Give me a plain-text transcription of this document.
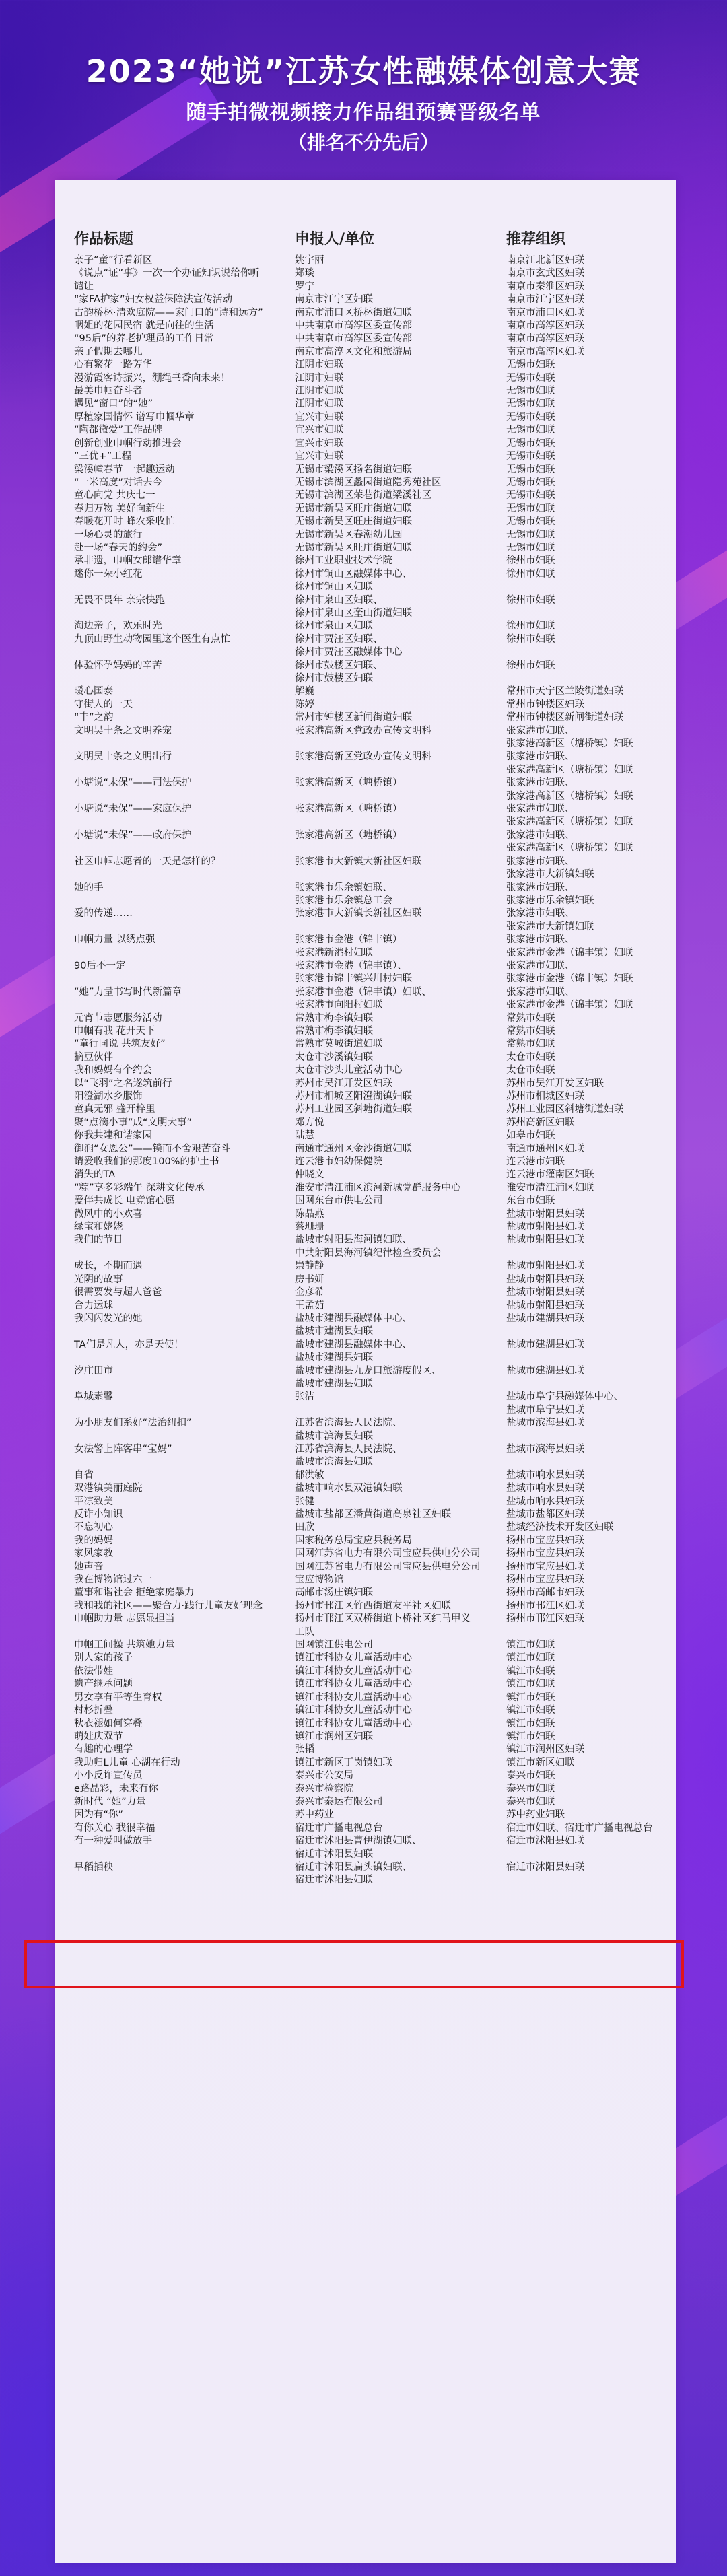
2023“她说”江苏女性融媒体创意大赛
随手拍微视频接力作品组预赛晋级名单
（排名不分先后）
作品标题	申报人/单位	推荐组织
亲子“童”行看新区	姚宇丽	南京江北新区妇联
《说点“证”事》一次一个办证知识说给你听	郑琰	南京市玄武区妇联
谴让	罗宁	南京市秦淮区妇联
“家FA护家”妇女权益保障法宣传活动	南京市江宁区妇联	南京市江宁区妇联
古韵桥林·清欢庭院——家门口的“诗和远方”	南京市浦口区桥林街道妇联	南京市浦口区妇联
咽姐的花园民宿 就是向往的生活	中共南京市高淳区委宣传部	南京市高淳区妇联
“95后”的养老护理员的工作日常	中共南京市高淳区委宣传部	南京市高淳区妇联
亲子假期去哪儿	南京市高淳区文化和旅游局	南京市高淳区妇联
心有繁花一路芳华	江阴市妇联	无锡市妇联
漫游霞客诗振兴，绷绳书香向未来！	江阴市妇联	无锡市妇联
最美巾帼奋斗者	江阴市妇联	无锡市妇联
遇见“窗口”的“她”	江阴市妇联	无锡市妇联
厚植家国情怀 谱写巾帼华章	宜兴市妇联	无锡市妇联
“陶都微爱”工作品牌	宜兴市妇联	无锡市妇联
创新创业巾帼行动推进会	宜兴市妇联	无锡市妇联
“三优+”工程	宜兴市妇联	无锡市妇联
梁溪幢春节 一起趣运动	无锡市梁溪区扬名街道妇联	无锡市妇联
“一米高度”对话去今	无锡市滨湖区蠡园街道隐秀苑社区	无锡市妇联
童心向党 共庆七一	无锡市滨湖区荣巷街道梁溪社区	无锡市妇联
春归万物 美好向新生	无锡市新吴区旺庄街道妇联	无锡市妇联
春暖花开时 蜂农采收忙	无锡市新吴区旺庄街道妇联	无锡市妇联
一场心灵的旅行	无锡市新吴区春潮幼儿园	无锡市妇联
赴一场“春天的约会”	无锡市新吴区旺庄街道妇联	无锡市妇联
承非遗，巾帼女郎谱华章	徐州工业职业技术学院	徐州市妇联
迷你一朵小红花	徐州市铜山区融媒体中心、	徐州市妇联
徐州市铜山区妇联
无畏不畏年 亲宗快跑	徐州市泉山区妇联、	徐州市妇联
徐州市泉山区奎山街道妇联
淘边亲子，欢乐时光	徐州市泉山区妇联	徐州市妇联
九顶山野生动物园里这个医生有点忙	徐州市贾汪区妇联、	徐州市妇联
徐州市贾汪区融媒体中心
体验怀孕妈妈的辛苦	徐州市鼓楼区妇联、	徐州市妇联
徐州市鼓楼区妇联
暖心国泰	解巍	常州市天宁区兰陵街道妇联
守街人的一天	陈婷	常州市钟楼区妇联
“丰”之韵	常州市钟楼区新闸街道妇联	常州市钟楼区新闸街道妇联
文明吴十条之文明养宠	张家港高新区党政办宣传文明科	张家港市妇联、
张家港高新区（塘桥镇）妇联
文明吴十条之文明出行	张家港高新区党政办宣传文明科	张家港市妇联、
张家港高新区（塘桥镇）妇联
小塘说“未保”——司法保护	张家港高新区（塘桥镇）	张家港市妇联、
张家港高新区（塘桥镇）妇联
小塘说“未保”——家庭保护	张家港高新区（塘桥镇）	张家港市妇联、
张家港高新区（塘桥镇）妇联
小塘说“未保”——政府保护	张家港高新区（塘桥镇）	张家港市妇联、
张家港高新区（塘桥镇）妇联
社区巾帼志愿者的一天是怎样的？	张家港市大新镇大新社区妇联	张家港市妇联、
张家港市大新镇妇联
她的手	张家港市乐余镇妇联、	张家港市妇联、
张家港市乐余镇总工会	张家港市乐余镇妇联
爱的传递……	张家港市大新镇长新社区妇联	张家港市妇联、
张家港市大新镇妇联
巾帼力量 以绣点强	张家港市金港（锦丰镇）	张家港市妇联、
张家港新港村妇联	张家港市金港（锦丰镇）妇联
90后不一定	张家港市金港（锦丰镇）、	张家港市妇联、
张家港市锦丰镇兴川村妇联	张家港市金港（锦丰镇）妇联
“她”力量书写时代新篇章	张家港市金港（锦丰镇）妇联、	张家港市妇联、
张家港市向阳村妇联	张家港市金港（锦丰镇）妇联
元宵节志愿服务活动	常熟市梅李镇妇联	常熟市妇联
巾帼有我 花开天下	常熟市梅李镇妇联	常熟市妇联
“童行同说 共筑友好”	常熟市莫城街道妇联	常熟市妇联
摘豆伙伴	太仓市沙溪镇妇联	太仓市妇联
我和妈妈有个约会	太仓市沙头儿童活动中心	太仓市妇联
以“飞羽”之名遂筑前行	苏州市吴江开发区妇联	苏州市吴江开发区妇联
阳澄湖水乡服饰	苏州市相城区阳澄湖镇妇联	苏州市相城区妇联
童真无邪 盛开梓里	苏州工业园区斜塘街道妇联	苏州工业园区斜塘街道妇联
聚“点滴小事”成“文明大事”	邓方悦	苏州高新区妇联
你我共建和谐家园	陆慧	如皋市妇联
御润“女恩公”——锁而不舍艰苦奋斗	南通市通州区金沙街道妇联	南通市通州区妇联
请爱收我们的那度100%的护土书	连云港市妇幼保健院	连云港市妇联
消失的TA	仲晓文	连云港市灌南区妇联
“粽”享多彩端午 深耕文化传承	淮安市清江浦区滨河新城党群服务中心	淮安市清江浦区妇联
爱伴共成长 电竞馆心愿	国网东台市供电公司	东台市妇联
微风中的小欢喜	陈晶燕	盐城市射阳县妇联
绿宝和姥姥	蔡珊珊	盐城市射阳县妇联
我们的节日	盐城市射阳县海河镇妇联、	盐城市射阳县妇联
中共射阳县海河镇纪律检查委员会
成长，不期而遇	崇静静	盐城市射阳县妇联
光阴的故事	房书妍	盐城市射阳县妇联
很需要发与超人爸爸	金彦希	盐城市射阳县妇联
合力运球	王孟茹	盐城市射阳县妇联
我闪闪发光的她	盐城市建湖县融媒体中心、	盐城市建湖县妇联
盐城市建湖县妇联
TA们是凡人，亦是天使！	盐城市建湖县融媒体中心、	盐城市建湖县妇联
盐城市建湖县妇联
汐庄田市	盐城市建湖县九龙口旅游度假区、	盐城市建湖县妇联
盐城市建湖县妇联
阜城素馨	张洁	盐城市阜宁县融媒体中心、
盐城市阜宁县妇联
为小朋友们系好“法治纽扣”	江苏省滨海县人民法院、	盐城市滨海县妇联
盐城市滨海县妇联
女法警上阵客串“宝妈”	江苏省滨海县人民法院、	盐城市滨海县妇联
盐城市滨海县妇联
自省	郁洪敏	盐城市响水县妇联
双港镇美丽庭院	盐城市响水县双港镇妇联	盐城市响水县妇联
平凉致美	张健	盐城市响水县妇联
反诈小知识	盐城市盐都区潘黄街道高泉社区妇联	盐城市盐都区妇联
不忘初心	田欣	盐城经济技术开发区妇联
我的妈妈	国家税务总局宝应县税务局	扬州市宝应县妇联
家风家教	国网江苏省电力有限公司宝应县供电分公司	扬州市宝应县妇联
她声音	国网江苏省电力有限公司宝应县供电分公司	扬州市宝应县妇联
我在博物馆过六一	宝应博物馆	扬州市宝应县妇联
董事和谐社会 拒绝家庭暴力	高邮市汤庄镇妇联	扬州市高邮市妇联
我和我的社区——聚合力·践行儿童友好理念	扬州市邗江区竹西街道友平社区妇联	扬州市邗江区妇联
巾帼助力量 志愿显担当	扬州市邗江区双桥街道卜桥社区红马甲义	扬州市邗江区妇联
工队
巾帼工间操 共筑她力量	国网镇江供电公司	镇江市妇联
别人家的孩子	镇江市科协女儿童活动中心	镇江市妇联
依法带娃	镇江市科协女儿童活动中心	镇江市妇联
遗产继承问题	镇江市科协女儿童活动中心	镇江市妇联
男女享有平等生育权	镇江市科协女儿童活动中心	镇江市妇联
村杉折叠	镇江市科协女儿童活动中心	镇江市妇联
秋衣褪如何穿叠	镇江市科协女儿童活动中心	镇江市妇联
萌娃庆双节	镇江市润州区妇联	镇江市妇联
有趣的心理学	张韬	镇江市润州区妇联
我助归L儿童 心湖在行动	镇江市新区丁岗镇妇联	镇江市新区妇联
小小反诈宣传员	泰兴市公安局	泰兴市妇联
e路晶彩，未来有你	泰兴市检察院	泰兴市妇联
新时代 “她”力量	泰兴市泰运有限公司	泰兴市妇联
因为有“你”	苏中药业	苏中药业妇联
有你关心 我很幸福	宿迁市广播电视总台	宿迁市妇联、宿迁市广播电视总台
有一种爱叫做放手	宿迁市沭阳县曹伊湖镇妇联、	宿迁市沭阳县妇联
宿迁市沭阳县妇联
早稻插秧	宿迁市沭阳县扁头镇妇联、	宿迁市沭阳县妇联
宿迁市沭阳县妇联
